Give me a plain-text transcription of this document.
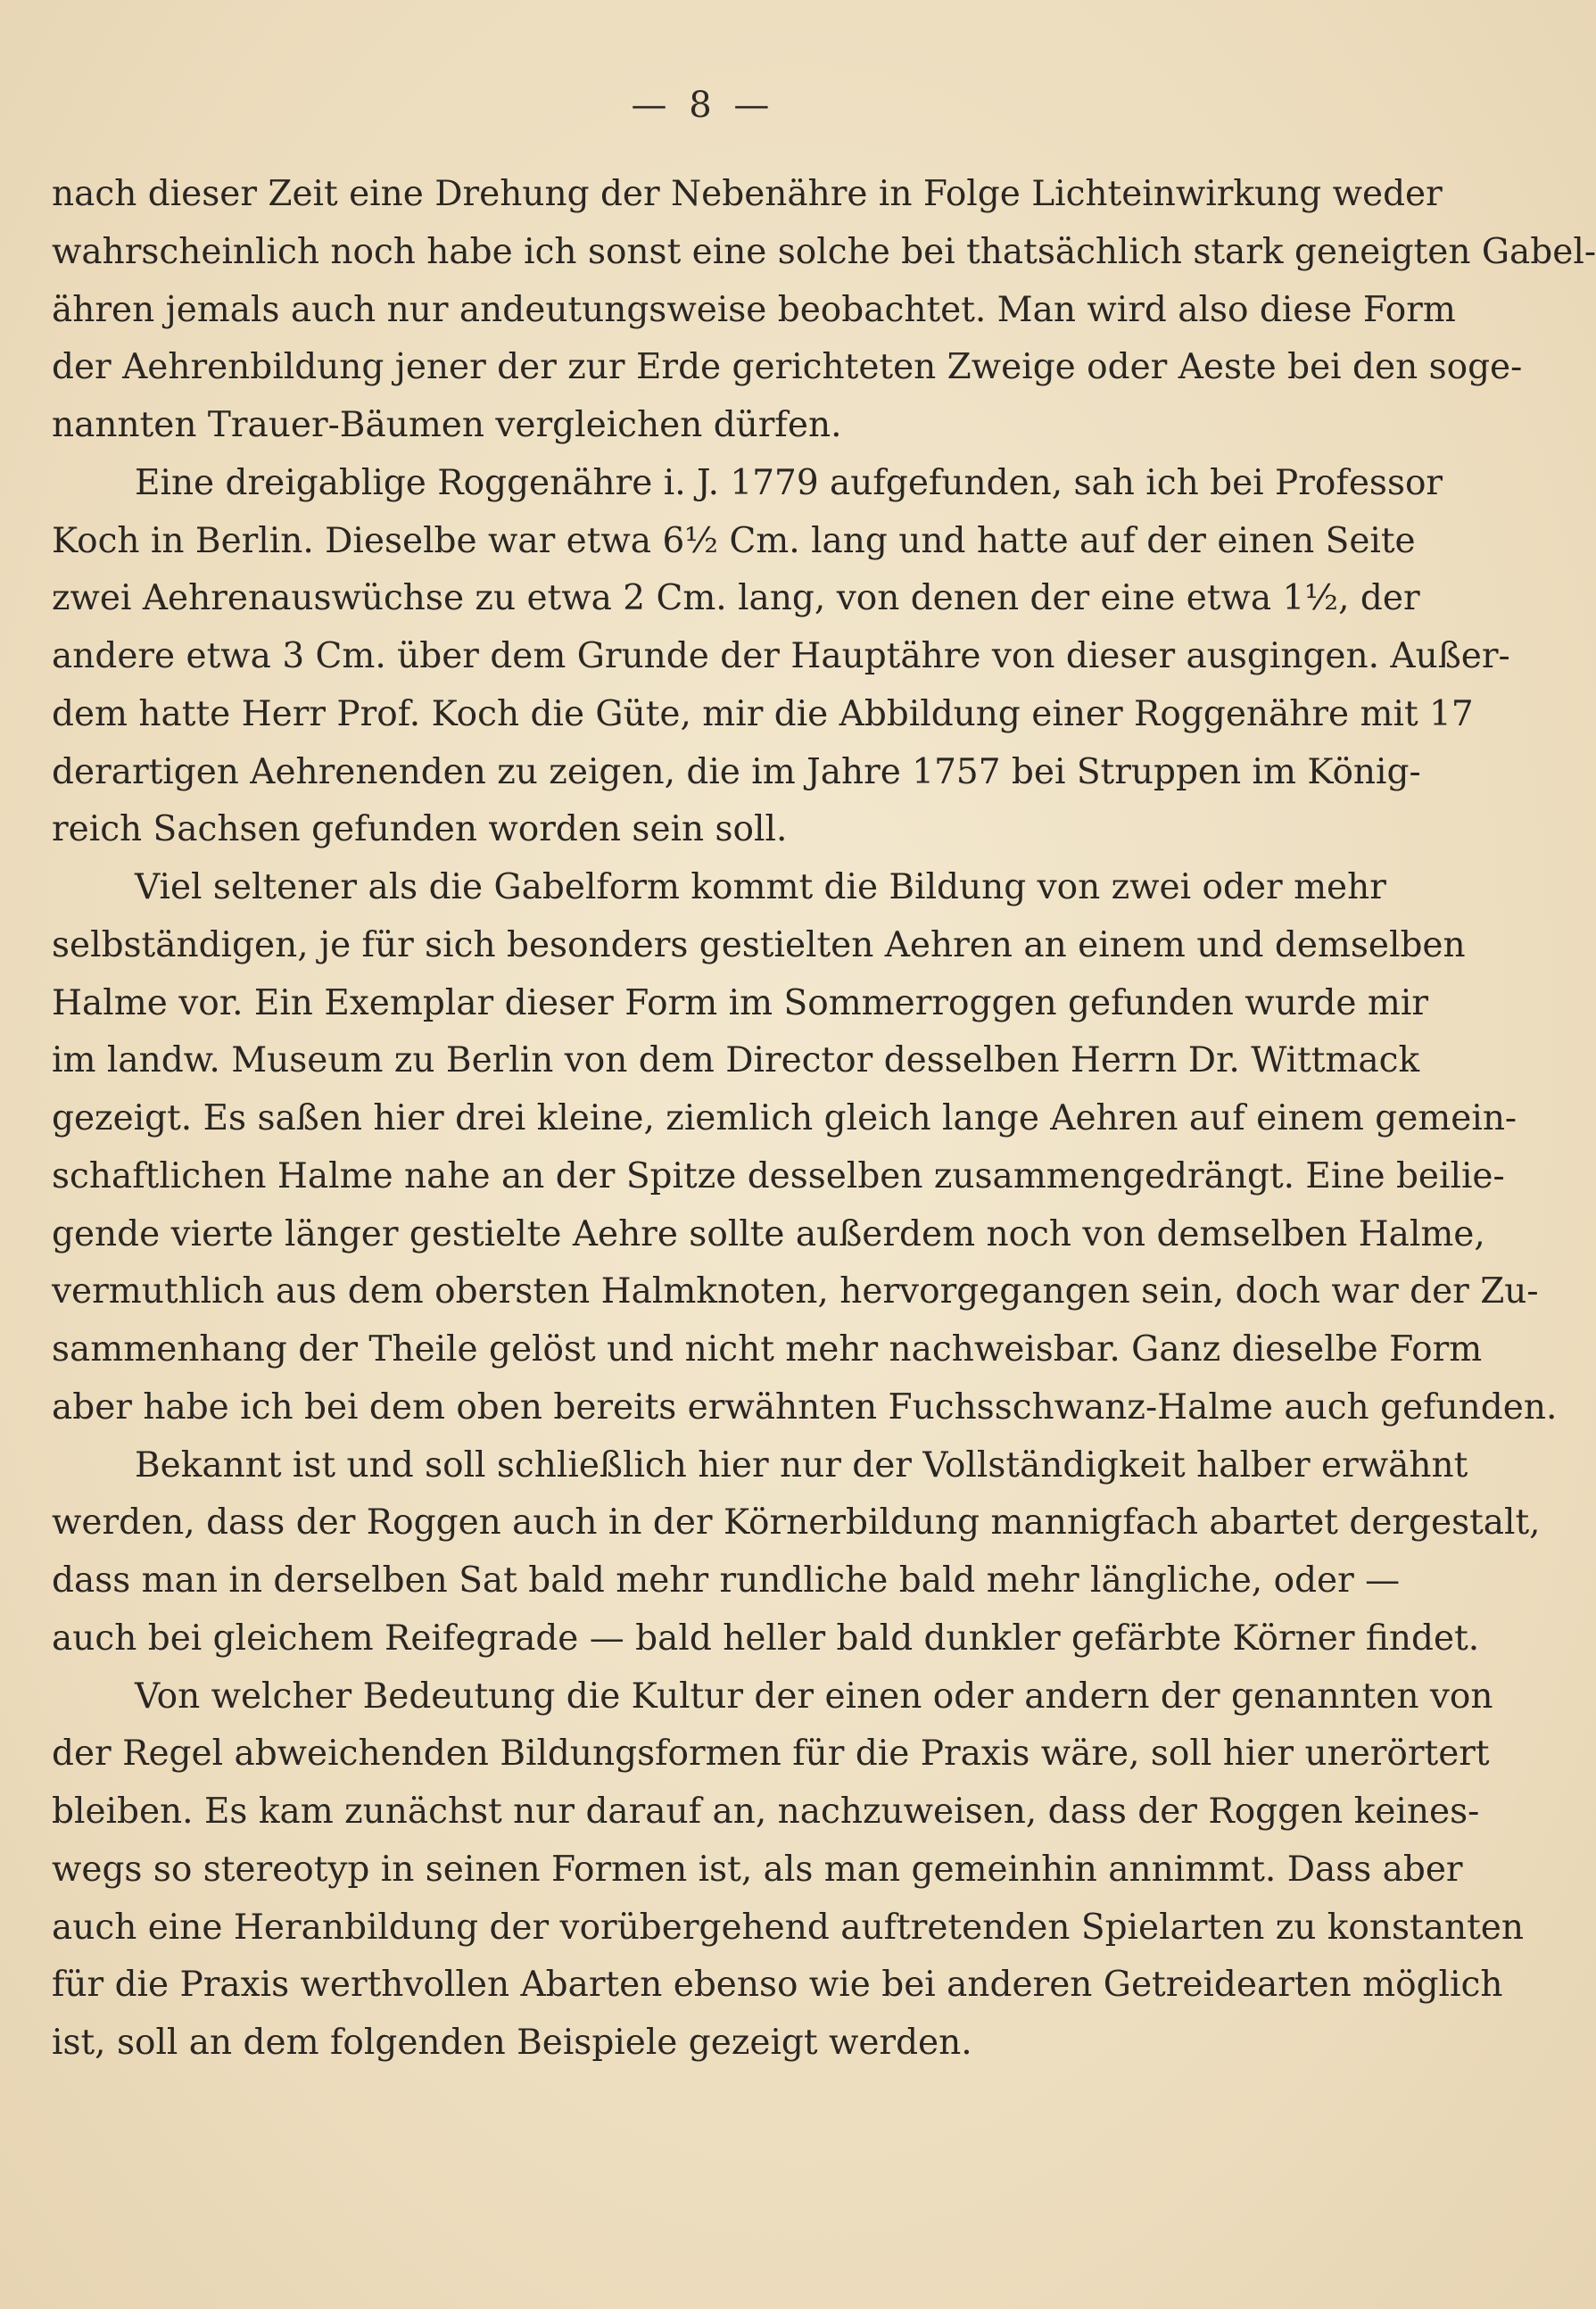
— 8 —
nach dieser Zeit eine Drehung der Nebenähre in Folge Lichteinwirkung weder
wahrscheinlich noch habe ich sonst eine solche bei thatsächlich stark geneigten Gabel-
ähren jemals auch nur andeutungsweise beobachtet. Man wird also diese Form
der Aehrenbildung jener der zur Erde gerichteten Zweige oder Aeste bei den soge-
nannten Trauer-Bäumen vergleichen dürfen.
Eine dreigablige Roggenähre i. J. 1779 aufgefunden, sah ich bei Professor
Koch in Berlin. Dieselbe war etwa 6½ Cm. lang und hatte auf der einen Seite
zwei Aehrenauswüchse zu etwa 2 Cm. lang, von denen der eine etwa 1½, der
andere etwa 3 Cm. über dem Grunde der Hauptähre von dieser ausgingen. Außer-
dem hatte Herr Prof. Koch die Güte, mir die Abbildung einer Roggenähre mit 17
derartigen Aehrenenden zu zeigen, die im Jahre 1757 bei Struppen im König-
reich Sachsen gefunden worden sein soll.
Viel seltener als die Gabelform kommt die Bildung von zwei oder mehr
selbständigen, je für sich besonders gestielten Aehren an einem und demselben
Halme vor. Ein Exemplar dieser Form im Sommerroggen gefunden wurde mir
im landw. Museum zu Berlin von dem Director desselben Herrn Dr. Wittmack
gezeigt. Es saßen hier drei kleine, ziemlich gleich lange Aehren auf einem gemein-
schaftlichen Halme nahe an der Spitze desselben zusammengedrängt. Eine beilie-
gende vierte länger gestielte Aehre sollte außerdem noch von demselben Halme,
vermuthlich aus dem obersten Halmknoten, hervorgegangen sein, doch war der Zu-
sammenhang der Theile gelöst und nicht mehr nachweisbar. Ganz dieselbe Form
aber habe ich bei dem oben bereits erwähnten Fuchsschwanz-Halme auch gefunden.
Bekannt ist und soll schließlich hier nur der Vollständigkeit halber erwähnt
werden, dass der Roggen auch in der Körnerbildung mannigfach abartet dergestalt,
dass man in derselben Sat bald mehr rundliche bald mehr längliche, oder —
auch bei gleichem Reifegrade — bald heller bald dunkler gefärbte Körner findet.
Von welcher Bedeutung die Kultur der einen oder andern der genannten von
der Regel abweichenden Bildungsformen für die Praxis wäre, soll hier unerörtert
bleiben. Es kam zunächst nur darauf an, nachzuweisen, dass der Roggen keines-
wegs so stereotyp in seinen Formen ist, als man gemeinhin annimmt. Dass aber
auch eine Heranbildung der vorübergehend auftretenden Spielarten zu konstanten
für die Praxis werthvollen Abarten ebenso wie bei anderen Getreidearten möglich
ist, soll an dem folgenden Beispiele gezeigt werden.
